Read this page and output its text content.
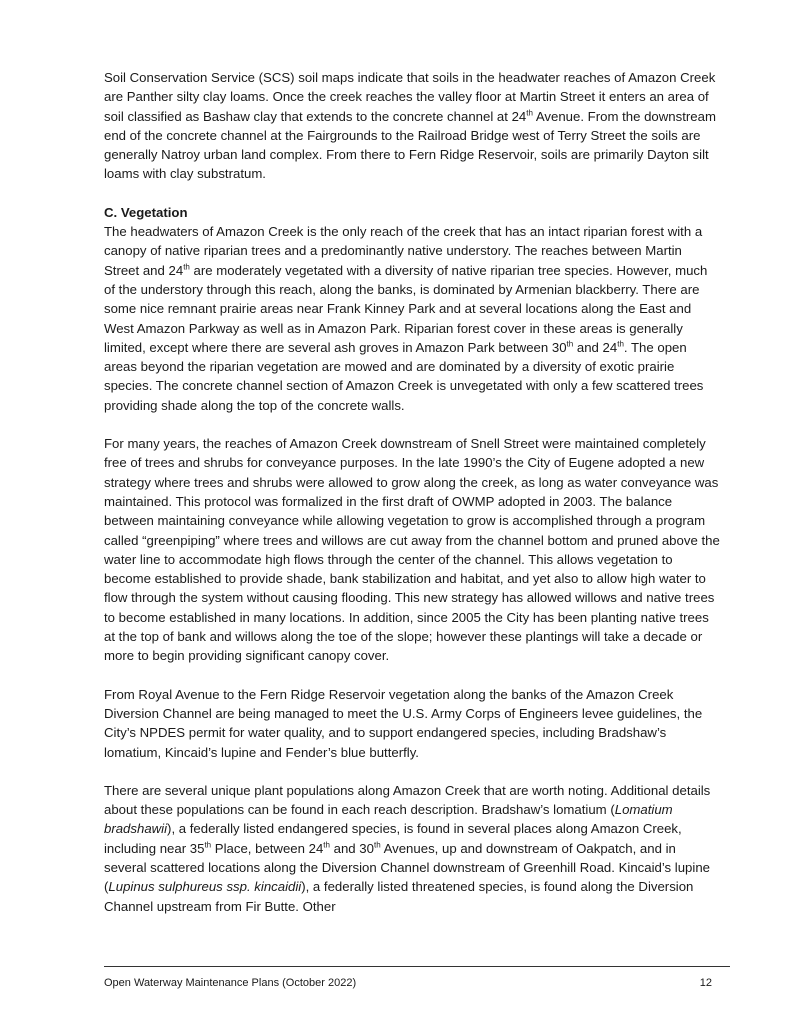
Soil Conservation Service (SCS) soil maps indicate that soils in the headwater reaches of Amazon Creek are Panther silty clay loams. Once the creek reaches the valley floor at Martin Street it enters an area of soil classified as Bashaw clay that extends to the concrete channel at 24th Avenue. From the downstream end of the concrete channel at the Fairgrounds to the Railroad Bridge west of Terry Street the soils are generally Natroy urban land complex. From there to Fern Ridge Reservoir, soils are primarily Dayton silt loams with clay substratum.

C. Vegetation

The headwaters of Amazon Creek is the only reach of the creek that has an intact riparian forest with a canopy of native riparian trees and a predominantly native understory. The reaches between Martin Street and 24th are moderately vegetated with a diversity of native riparian tree species. However, much of the understory through this reach, along the banks, is dominated by Armenian blackberry. There are some nice remnant prairie areas near Frank Kinney Park and at several locations along the East and West Amazon Parkway as well as in Amazon Park. Riparian forest cover in these areas is generally limited, except where there are several ash groves in Amazon Park between 30th and 24th. The open areas beyond the riparian vegetation are mowed and are dominated by a diversity of exotic prairie species. The concrete channel section of Amazon Creek is unvegetated with only a few scattered trees providing shade along the top of the concrete walls.

For many years, the reaches of Amazon Creek downstream of Snell Street were maintained completely free of trees and shrubs for conveyance purposes. In the late 1990’s the City of Eugene adopted a new strategy where trees and shrubs were allowed to grow along the creek, as long as water conveyance was maintained. This protocol was formalized in the first draft of OWMP adopted in 2003. The balance between maintaining conveyance while allowing vegetation to grow is accomplished through a program called “greenpiping” where trees and willows are cut away from the channel bottom and pruned above the water line to accommodate high flows through the center of the channel. This allows vegetation to become established to provide shade, bank stabilization and habitat, and yet also to allow high water to flow through the system without causing flooding. This new strategy has allowed willows and native trees to become established in many locations. In addition, since 2005 the City has been planting native trees at the top of bank and willows along the toe of the slope; however these plantings will take a decade or more to begin providing significant canopy cover.

From Royal Avenue to the Fern Ridge Reservoir vegetation along the banks of the Amazon Creek Diversion Channel are being managed to meet the U.S. Army Corps of Engineers levee guidelines, the City’s NPDES permit for water quality, and to support endangered species, including Bradshaw’s lomatium, Kincaid’s lupine and Fender’s blue butterfly.

There are several unique plant populations along Amazon Creek that are worth noting. Additional details about these populations can be found in each reach description. Bradshaw’s lomatium (Lomatium bradshawii), a federally listed endangered species, is found in several places along Amazon Creek, including near 35th Place, between 24th and 30th Avenues, up and downstream of Oakpatch, and in several scattered locations along the Diversion Channel downstream of Greenhill Road. Kincaid’s lupine (Lupinus sulphureus ssp. kincaidii), a federally listed threatened species, is found along the Diversion Channel upstream from Fir Butte. Other

Open Waterway Maintenance Plans (October 2022)	12
